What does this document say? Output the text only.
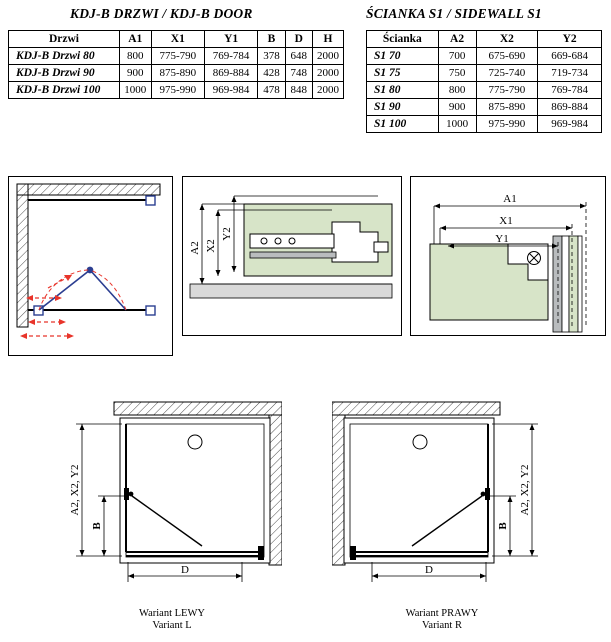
KDJ-B DRZWI / KDJ-B DOOR
Drzwi	A1	X1	Y1	B	D	H
KDJ-B Drzwi 80	800	775-790	769-784	378	648	2000
KDJ-B Drzwi 90	900	875-890	869-884	428	748	2000
KDJ-B Drzwi 100	1000	975-990	969-984	478	848	2000
ŚCIANKA S1 / SIDEWALL S1
Ścianka	A2	X2	Y2
S1 70	700	675-690	669-684
S1 75	750	725-740	719-734
S1 80	800	775-790	769-784
S1 90	900	875-890	869-884
S1 100	1000	975-990	969-984
A2 X2
Y2
A1
X1
Y1
A2, X2, Y2
B
D
Wariant LEWY
Variant L
A2, X2, Y2
B
D
Wariant PRAWY
Variant R
